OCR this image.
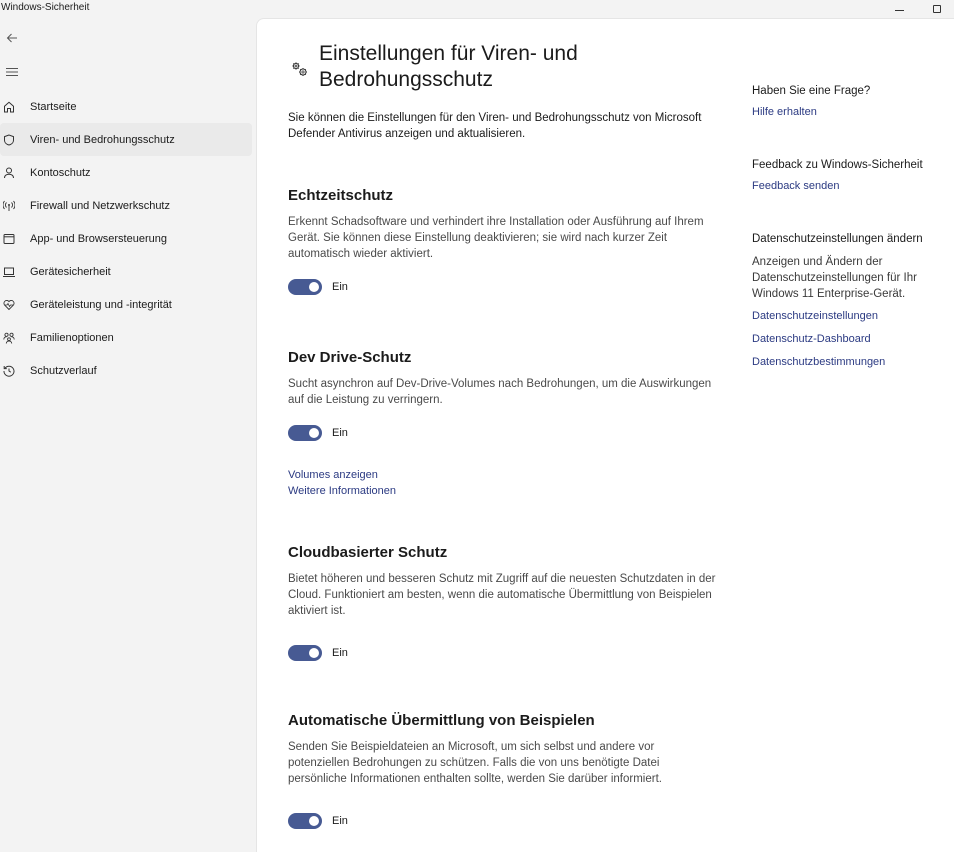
Windows-Sicherheit
Startseite
Viren- und Bedrohungsschutz
Kontoschutz
Firewall und Netzwerkschutz
App- und Browsersteuerung
Gerätesicherheit
Geräteleistung und -integrität
Familienoptionen
Schutzverlauf
Einstellungen für Viren- und Bedrohungsschutz

Sie können die Einstellungen für den Viren- und Bedrohungsschutz von Microsoft Defender Antivirus anzeigen und aktualisieren.

Echtzeitschutz

Erkennt Schadsoftware und verhindert ihre Installation oder Ausführung auf Ihrem Gerät. Sie können diese Einstellung deaktivieren; sie wird nach kurzer Zeit automatisch wieder aktiviert.

Ein
Dev Drive-Schutz

Sucht asynchron auf Dev-Drive-Volumes nach Bedrohungen, um die Auswirkungen auf die Leistung zu verringern.

Ein
Volumes anzeigen
Weitere Informationen
Cloudbasierter Schutz

Bietet höheren und besseren Schutz mit Zugriff auf die neuesten Schutzdaten in der Cloud. Funktioniert am besten, wenn die automatische Übermittlung von Beispielen aktiviert ist.

Ein
Automatische Übermittlung von Beispielen

Senden Sie Beispieldateien an Microsoft, um sich selbst und andere vor potenziellen Bedrohungen zu schützen. Falls die von uns benötigte Datei persönliche Informationen enthalten sollte, werden Sie darüber informiert.

Ein
Haben Sie eine Frage?
Hilfe erhalten
Feedback zu Windows-Sicherheit
Feedback senden
Datenschutzeinstellungen ändern

Anzeigen und Ändern der Datenschutzeinstellungen für Ihr Windows 11 Enterprise-Gerät.

Datenschutzeinstellungen
Datenschutz-Dashboard
Datenschutzbestimmungen
